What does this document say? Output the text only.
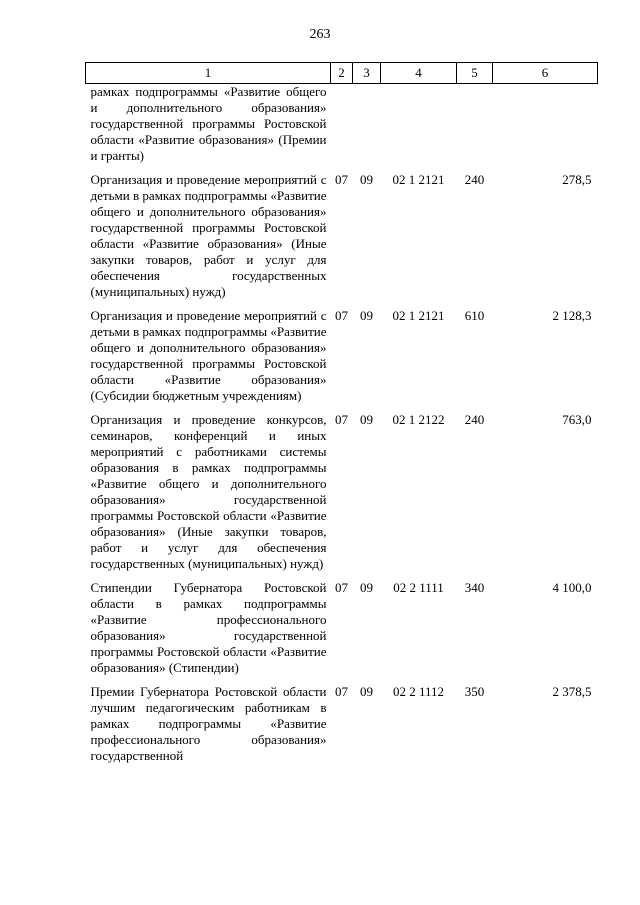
263
1	2	3	4	5	6
рамках подпрограммы «Развитие общего и дополнительного образования» государственной программы Ростовской области «Развитие образования» (Премии и гранты)					
Организация и проведение мероприятий с детьми в рамках подпрограммы «Развитие общего и дополнительного образования» государственной программы Ростовской области «Развитие образования» (Иные закупки товаров, работ и услуг для обеспечения государственных (муниципальных) нужд)	07	09	02 1 2121	240	278,5
Организация и проведение мероприятий с детьми в рамках подпрограммы «Развитие общего и дополнительного образования» государственной программы Ростовской области «Развитие образования» (Субсидии бюджетным учреждениям)	07	09	02 1 2121	610	2 128,3
Организация и проведение конкурсов, семинаров, конференций и иных мероприятий с работниками системы образования в рамках подпрограммы «Развитие общего и дополнительного образования» государственной программы Ростовской области «Развитие образования» (Иные закупки товаров, работ и услуг для обеспечения государственных (муниципальных) нужд)	07	09	02 1 2122	240	763,0
Стипендии Губернатора Ростовской области в рамках подпрограммы «Развитие профессионального образования» государственной программы Ростовской области «Развитие образования» (Стипендии)	07	09	02 2 1111	340	4 100,0
Премии Губернатора Ростовской области лучшим педагогическим работникам в рамках подпрограммы «Развитие профессионального образования» государственной	07	09	02 2 1112	350	2 378,5
